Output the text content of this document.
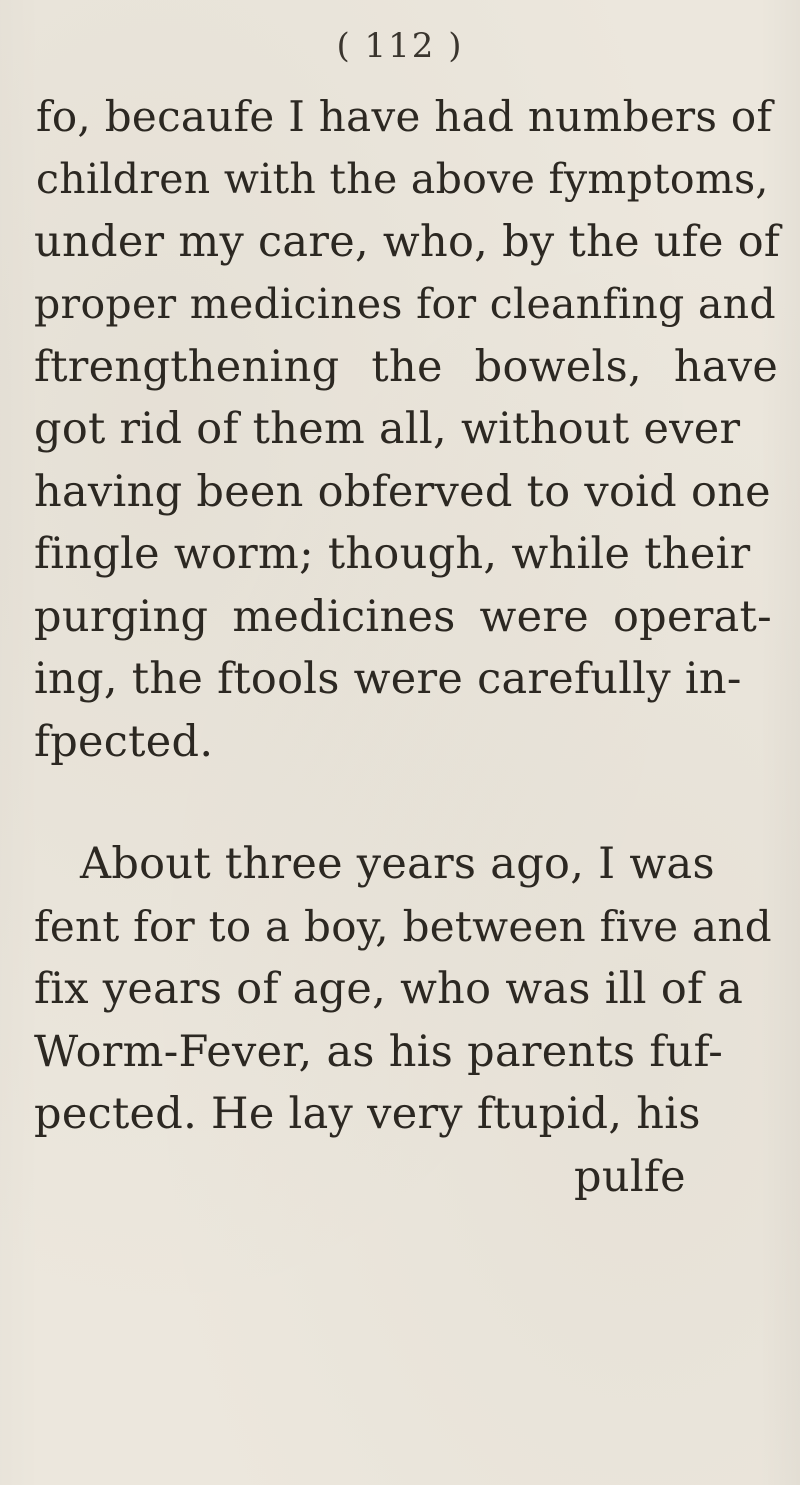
( 112 )
fo, becaufe I have had numbers of
children with the above fymptoms,
under my care, who, by the ufe of
proper medicines for cleanfing and
ftrengthening the bowels, have
got rid of them all, without ever
having been obferved to void one
fingle worm; though, while their
purging medicines were operat-
ing, the ftools were carefully in-
fpected.
About three years ago, I was
fent for to a boy, between five and
fix years of age, who was ill of a
Worm-Fever, as his parents fuf-
pected. He lay very ftupid, his
pulfe
